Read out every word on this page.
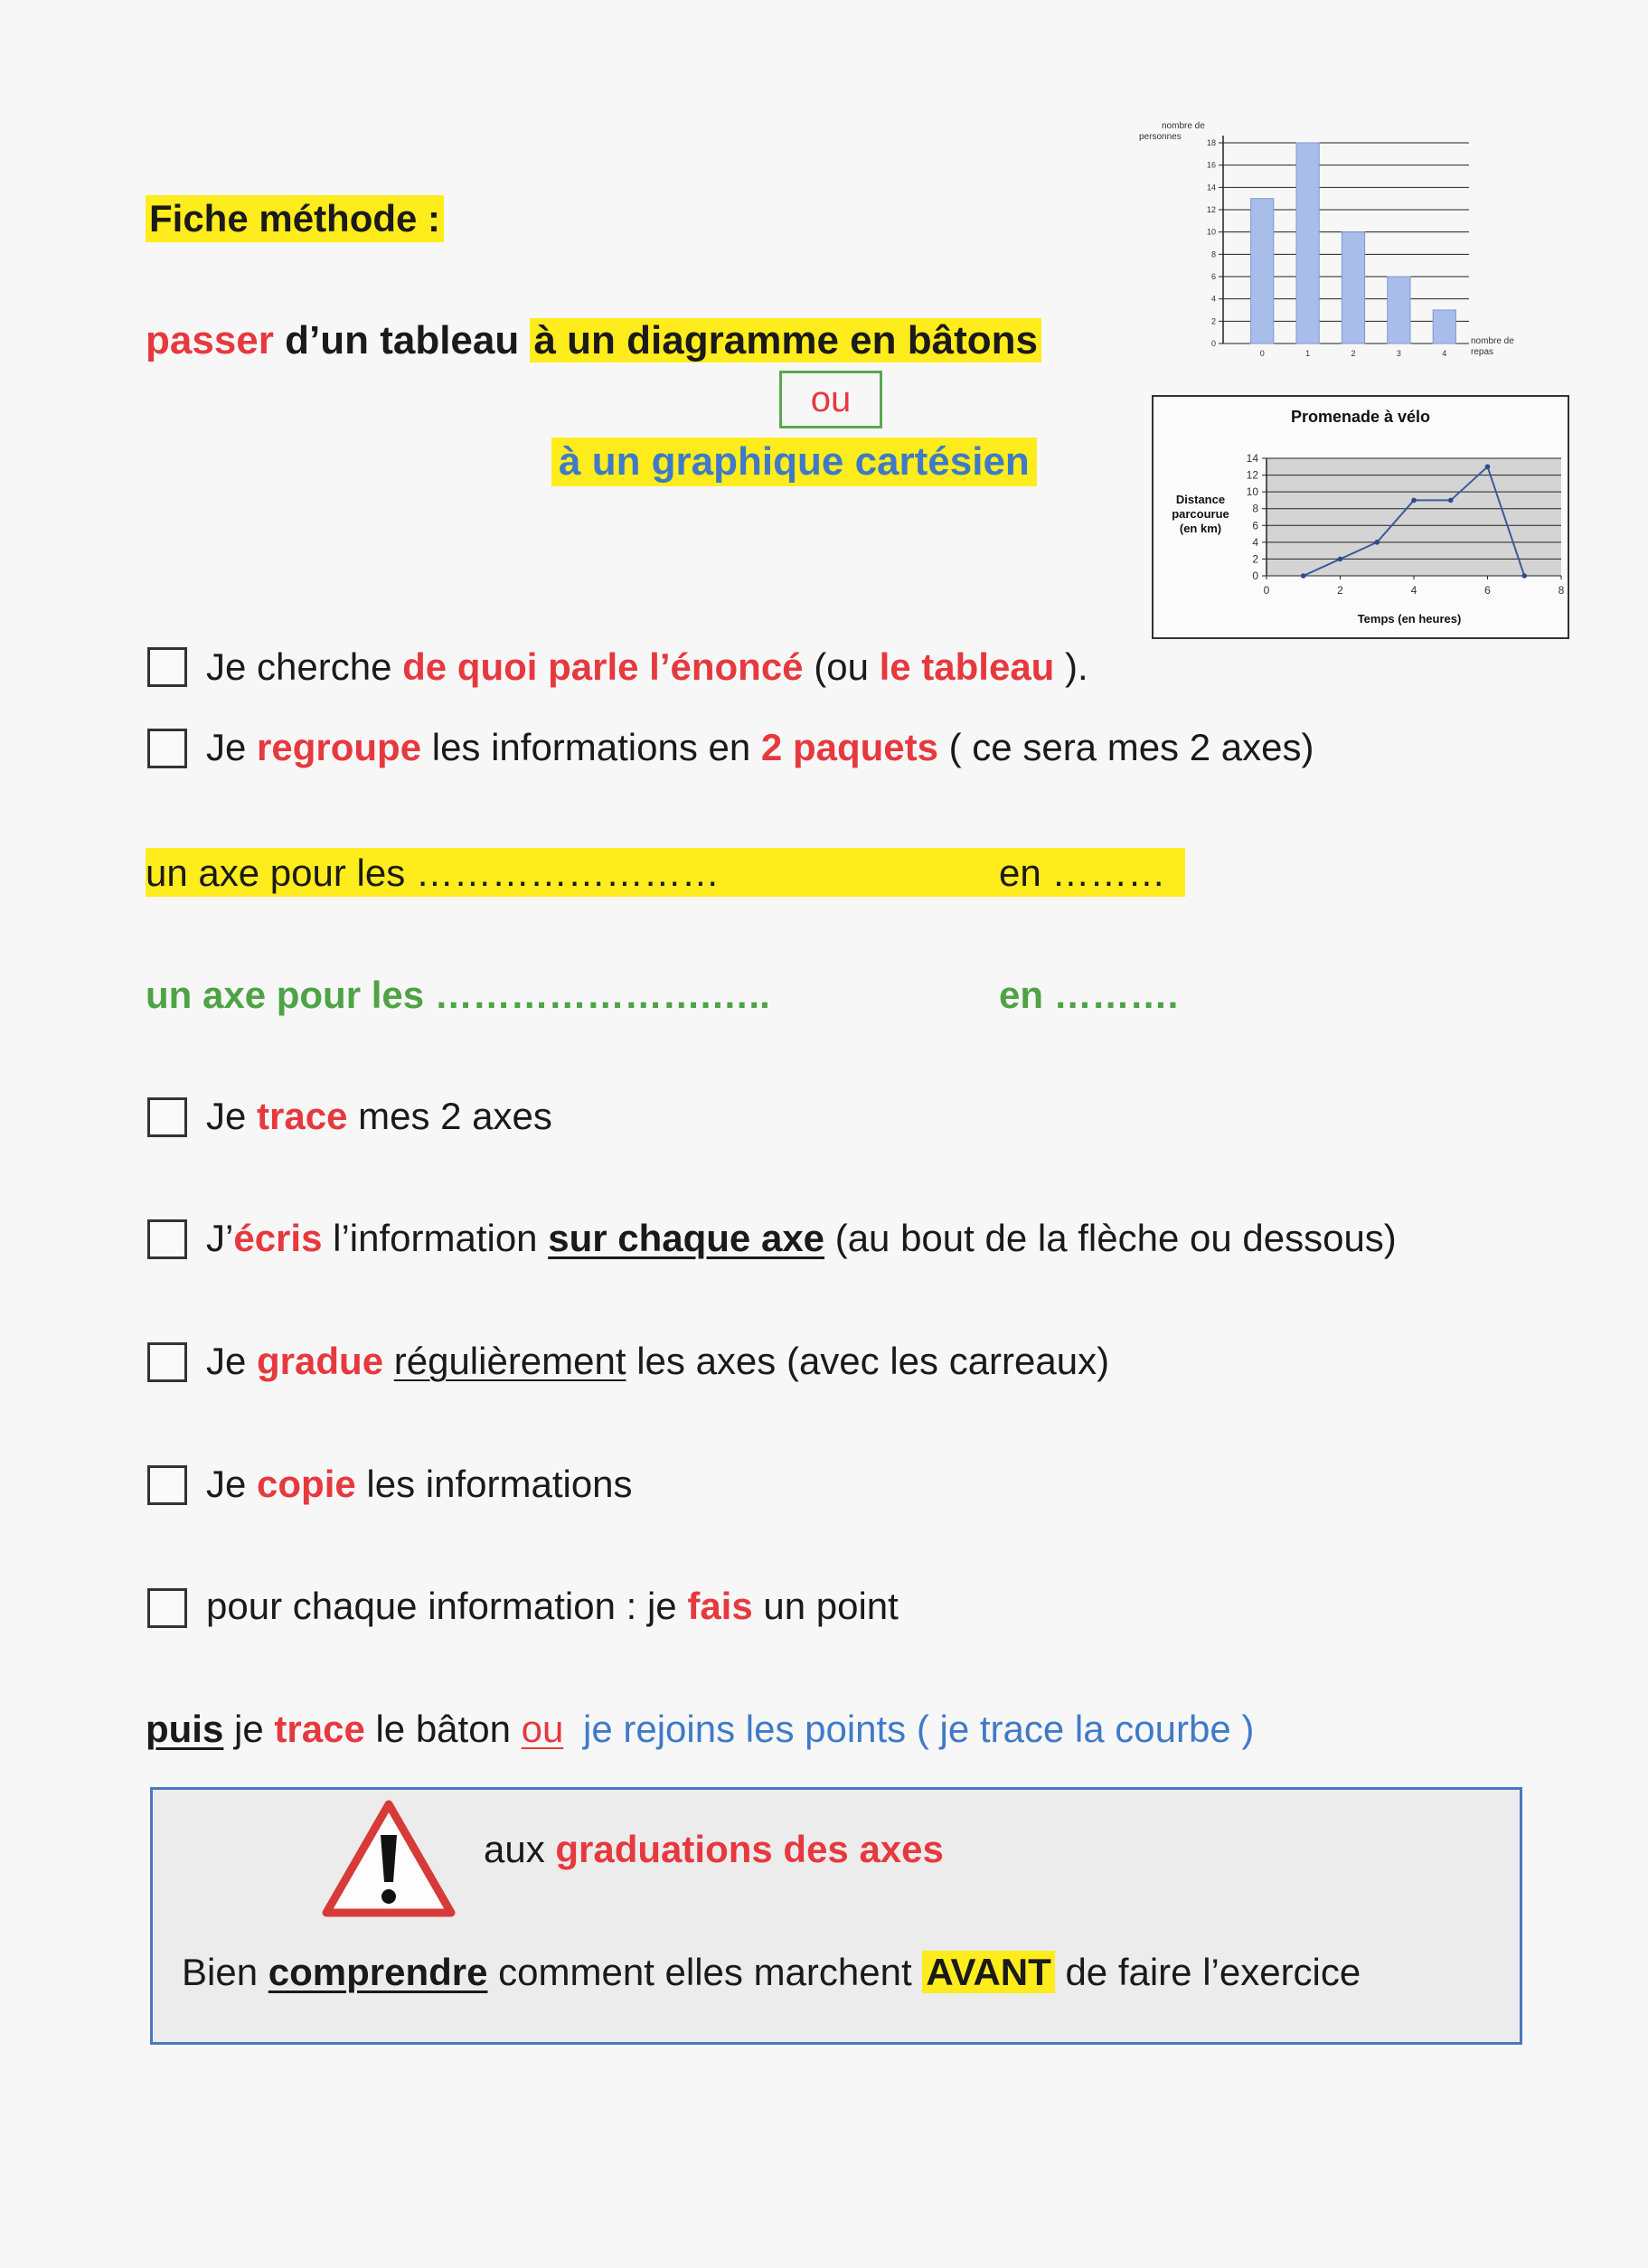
Fiche méthode :
passer d’un tableau à un diagramme en bâtons
ou
à un graphique cartésien
nombre de
personnes
0
2
4
6
8
10
12
14
16
18
0	1	2	3	4
nombre de
repas
Promenade à vélo
Distance
parcourue
(en km)
0
2
4
6
8
10
12
14
0	2	4	6	8
Temps (en heures)
Je cherche de quoi parle l’énoncé (ou le tableau ).
Je regroupe les informations en 2 paquets ( ce sera mes 2 axes)
un axe pour les ……………………	en ………
un axe pour les ………………….…..	en ……….
Je trace mes 2 axes
J’écris l’information sur chaque axe (au bout de la flèche ou dessous)
Je gradue régulièrement les axes (avec les carreaux)
Je copie les informations
pour chaque information : je fais un point
puis je trace le bâton ou je rejoins les points ( je trace la courbe )
aux graduations des axes
Bien comprendre comment elles marchent AVANT de faire l’exercice
